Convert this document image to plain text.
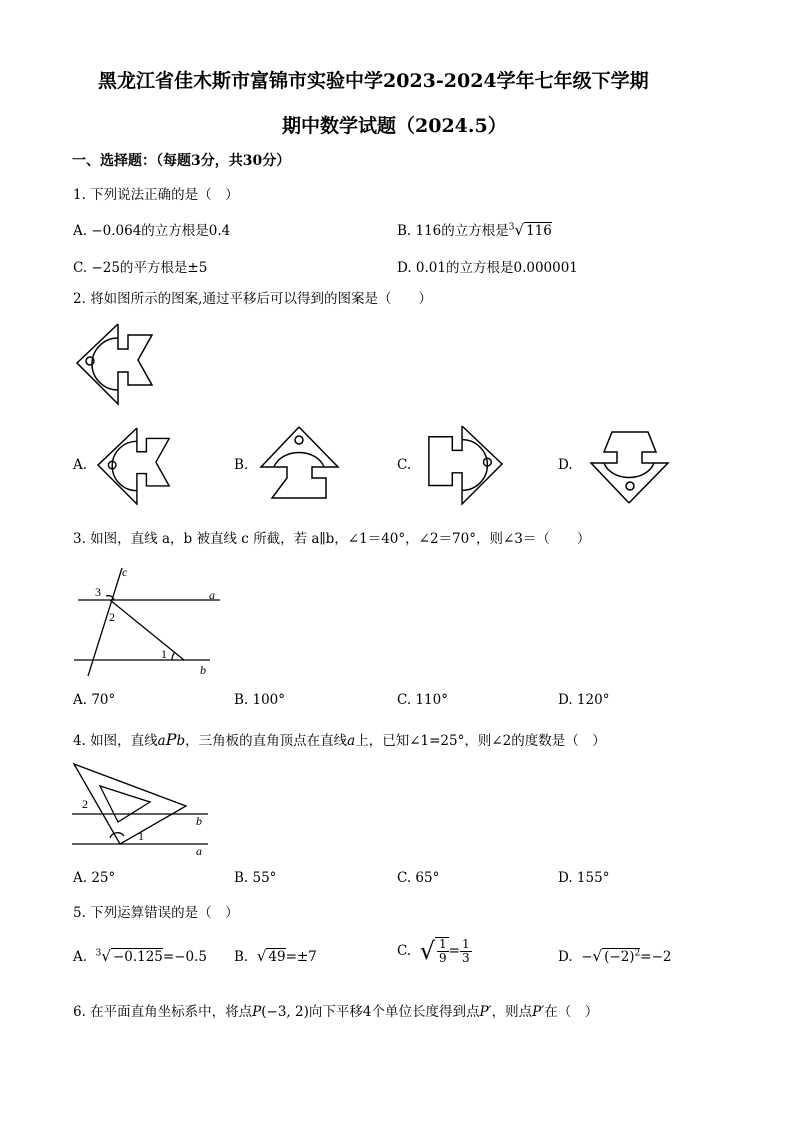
黑龙江省佳木斯市富锦市实验中学2023-2024学年七年级下学期
期中数学试题（2024.5）
一、选择题：（每题3分，共30分）
1. 下列说法正确的是（　）
A. −0.064的立方根是0.4	B. 116的立方根是$^3$√ 116
C. −25的平方根是±5	D. 0.01的立方根是0.000001
2. 将如图所示的图案,通过平移后可以得到的图案是（　　）
A.	B.	C.	D.
3. 如图，直线 a，b 被直线 c 所截，若 a∥b，∠1＝40°，∠2＝70°，则∠3＝（　　）
c
a
b
1
2
3
A. 70°	B. 100°	C. 110°	D. 120°
4. 如图，直线aPb，三角板的直角顶点在直线a上，已知∠1=25°，则∠2的度数是（　）
2
1
b
a
A. 25°	B. 55°	C. 65°	D. 155°
5. 下列运算错误的是（　）
A. $^3$√ −0.125=−0.5 B. √ 49=±7	C. √ $\frac{1}{9} = \frac{1}{3}$	D. −√ $(-2)^2=-2$
6. 在平面直角坐标系中，将点P(−3, 2)向下平移4个单位长度得到点P′，则点P′在（　）
